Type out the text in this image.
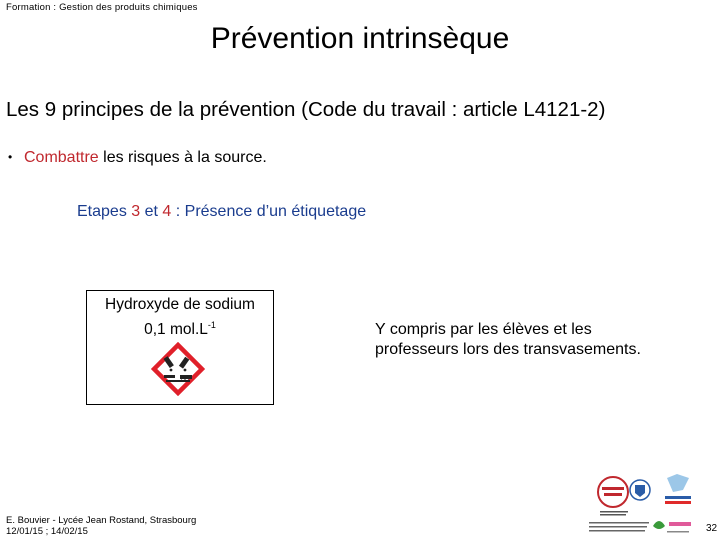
Formation : Gestion des produits chimiques
Prévention intrinsèque
Les 9 principes de la prévention (Code du travail : article L4121-2)
• Combattre les risques à la source.
Etapes 3 et 4 : Présence d’un étiquetage
Hydroxyde de sodium
0,1 $mol.L^{-1}$	Y compris par les élèves et les
professeurs lors des transvasements.
E. Bouvier - Lycée Jean Rostand, Strasbourg
12/01/15 ; 14/02/15	32
